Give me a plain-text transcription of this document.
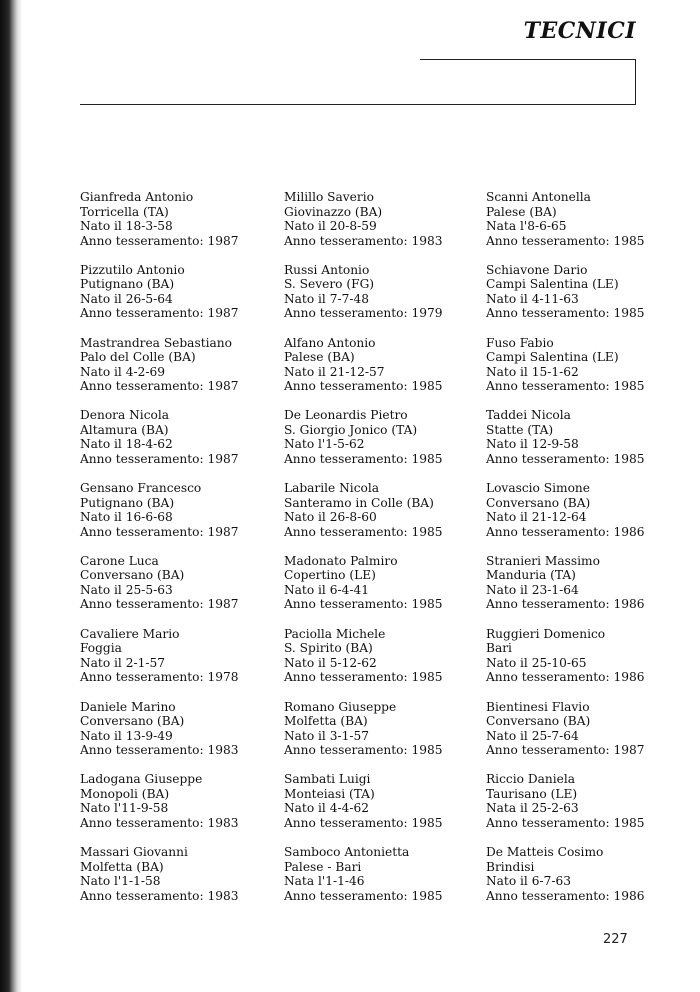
TECNICI
Gianfreda Antonio
Torricella (TA)
Nato il 18-3-58
Anno tesseramento: 1987
Pizzutilo Antonio
Putignano (BA)
Nato il 26-5-64
Anno tesseramento: 1987
Mastrandrea Sebastiano
Palo del Colle (BA)
Nato il 4-2-69
Anno tesseramento: 1987
Denora Nicola
Altamura (BA)
Nato il 18-4-62
Anno tesseramento: 1987
Gensano Francesco
Putignano (BA)
Nato il 16-6-68
Anno tesseramento: 1987
Carone Luca
Conversano (BA)
Nato il 25-5-63
Anno tesseramento: 1987
Cavaliere Mario
Foggia
Nato il 2-1-57
Anno tesseramento: 1978
Daniele Marino
Conversano (BA)
Nato il 13-9-49
Anno tesseramento: 1983
Ladogana Giuseppe
Monopoli (BA)
Nato l'11-9-58
Anno tesseramento: 1983
Massari Giovanni
Molfetta (BA)
Nato l'1-1-58
Anno tesseramento: 1983
Milillo Saverio
Giovinazzo (BA)
Nato il 20-8-59
Anno tesseramento: 1983
Russi Antonio
S. Severo (FG)
Nato il 7-7-48
Anno tesseramento: 1979
Alfano Antonio
Palese (BA)
Nato il 21-12-57
Anno tesseramento: 1985
De Leonardis Pietro
S. Giorgio Jonico (TA)
Nato l'1-5-62
Anno tesseramento: 1985
Labarile Nicola
Santeramo in Colle (BA)
Nato il 26-8-60
Anno tesseramento: 1985
Madonato Palmiro
Copertino (LE)
Nato il 6-4-41
Anno tesseramento: 1985
Paciolla Michele
S. Spirito (BA)
Nato il 5-12-62
Anno tesseramento: 1985
Romano Giuseppe
Molfetta (BA)
Nato il 3-1-57
Anno tesseramento: 1985
Sambati Luigi
Monteiasi (TA)
Nato il 4-4-62
Anno tesseramento: 1985
Samboco Antonietta
Palese - Bari
Nata l'1-1-46
Anno tesseramento: 1985
Scanni Antonella
Palese (BA)
Nata l'8-6-65
Anno tesseramento: 1985
Schiavone Dario
Campi Salentina (LE)
Nato il 4-11-63
Anno tesseramento: 1985
Fuso Fabio
Campi Salentina (LE)
Nato il 15-1-62
Anno tesseramento: 1985
Taddei Nicola
Statte (TA)
Nato il 12-9-58
Anno tesseramento: 1985
Lovascio Simone
Conversano (BA)
Nato il 21-12-64
Anno tesseramento: 1986
Stranieri Massimo
Manduria (TA)
Nato il 23-1-64
Anno tesseramento: 1986
Ruggieri Domenico
Bari
Nato il 25-10-65
Anno tesseramento: 1986
Bientinesi Flavio
Conversano (BA)
Nato il 25-7-64
Anno tesseramento: 1987
Riccio Daniela
Taurisano (LE)
Nata il 25-2-63
Anno tesseramento: 1985
De Matteis Cosimo
Brindisi
Nato il 6-7-63
Anno tesseramento: 1986
227
